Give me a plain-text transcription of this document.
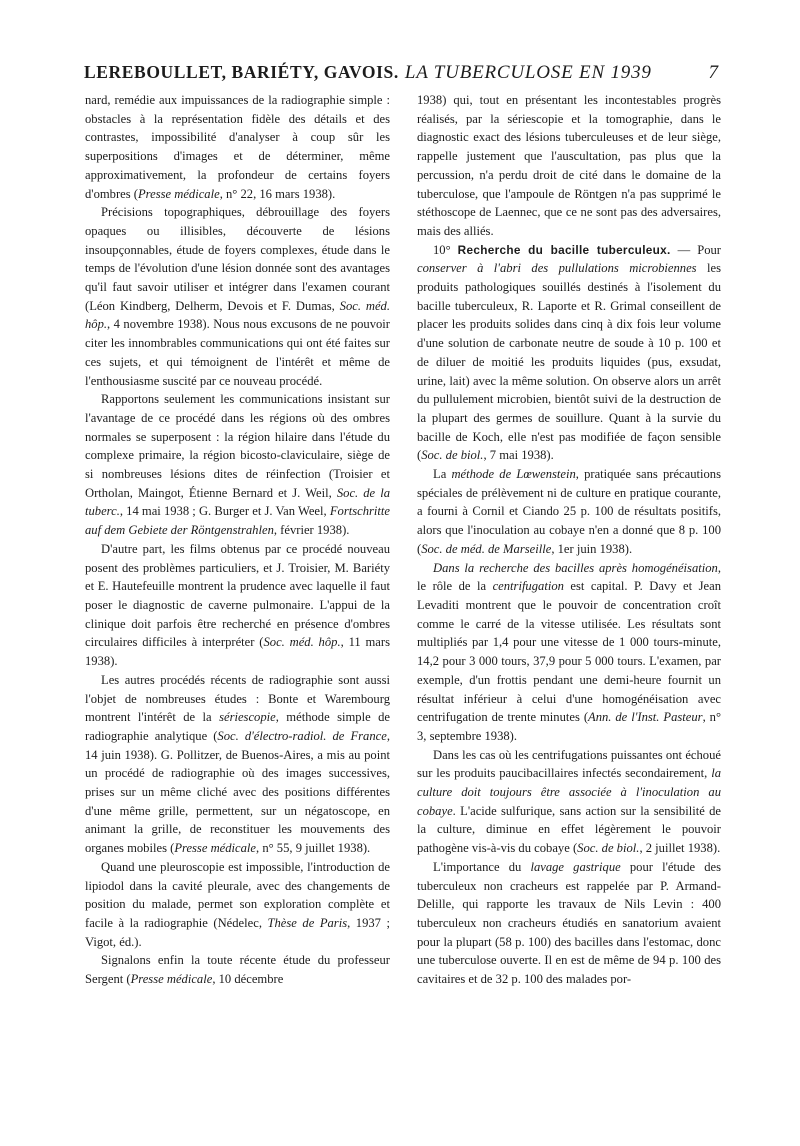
LEREBOULLET, BARIÉTY, GAVOIS. LA TUBERCULOSE EN 1939	7

nard, remédie aux impuissances de la radiographie simple : obstacles à la représentation fidèle des détails et des contrastes, impossibilité d'analyser à coup sûr les superpositions d'images et de déterminer, même approximativement, la profondeur de certains foyers d'ombres (Presse médicale, n° 22, 16 mars 1938).

Précisions topographiques, débrouillage des foyers opaques ou illisibles, découverte de lésions insoupçonnables, étude de foyers complexes, étude dans le temps de l'évolution d'une lésion donnée sont des avantages qu'il faut savoir utiliser et intégrer dans l'examen courant (Léon Kindberg, Delherm, Devois et F. Dumas, Soc. méd. hôp., 4 novembre 1938). Nous nous excusons de ne pouvoir citer les innombrables communications qui ont été faites sur ces sujets, et qui témoignent de l'intérêt et même de l'enthousiasme suscité par ce nouveau procédé.

Rapportons seulement les communications insistant sur l'avantage de ce procédé dans les régions où des ombres normales se superposent : la région hilaire dans l'étude du complexe primaire, la région bicosto-claviculaire, siège de si nombreuses lésions dites de réinfection (Troisier et Ortholan, Maingot, Étienne Bernard et J. Weil, Soc. de la tuberc., 14 mai 1938 ; G. Burger et J. Van Weel, Fortschritte auf dem Gebiete der Röntgenstrahlen, février 1938).

D'autre part, les films obtenus par ce procédé nouveau posent des problèmes particuliers, et J. Troisier, M. Bariéty et E. Hautefeuille montrent la prudence avec laquelle il faut poser le diagnostic de caverne pulmonaire. L'appui de la clinique doit parfois être recherché en présence d'ombres circulaires difficiles à interpréter (Soc. méd. hôp., 11 mars 1938).

Les autres procédés récents de radiographie sont aussi l'objet de nombreuses études : Bonte et Warembourg montrent l'intérêt de la sériescopie, méthode simple de radiographie analytique (Soc. d'électro-radiol. de France, 14 juin 1938). G. Pollitzer, de Buenos-Aires, a mis au point un procédé de radiographie où des images successives, prises sur un même cliché avec des positions différentes d'une même grille, permettent, sur un négatoscope, en animant la grille, de reconstituer les mouvements des organes mobiles (Presse médicale, n° 55, 9 juillet 1938).

Quand une pleuroscopie est impossible, l'introduction de lipiodol dans la cavité pleurale, avec des changements de position du malade, permet son exploration complète et facile à la radiographie (Nédelec, Thèse de Paris, 1937 ; Vigot, éd.).

Signalons enfin la toute récente étude du professeur Sergent (Presse médicale, 10 décembre

1938) qui, tout en présentant les incontestables progrès réalisés, par la sériescopie et la tomographie, dans le diagnostic exact des lésions tuberculeuses et de leur siège, rappelle justement que l'auscultation, pas plus que la percussion, n'a perdu droit de cité dans le domaine de la tuberculose, que l'ampoule de Röntgen n'a pas supprimé le stéthoscope de Laennec, que ce ne sont pas des adversaires, mais des alliés.

10° Recherche du bacille tuberculeux. — Pour conserver à l'abri des pullulations microbiennes les produits pathologiques souillés destinés à l'isolement du bacille tuberculeux, R. Laporte et R. Grimal conseillent de placer les produits solides dans cinq à dix fois leur volume d'une solution de carbonate neutre de soude à 10 p. 100 et de diluer de moitié les produits liquides (pus, exsudat, urine, lait) avec la même solution. On observe alors un arrêt du pullulement microbien, bientôt suivi de la destruction de la plupart des germes de souillure. Quant à la survie du bacille de Koch, elle n'est pas modifiée de façon sensible (Soc. de biol., 7 mai 1938).

La méthode de Lœwenstein, pratiquée sans précautions spéciales de prélèvement ni de culture en pratique courante, a fourni à Cornil et Ciando 25 p. 100 de résultats positifs, alors que l'inoculation au cobaye n'en a donné que 8 p. 100 (Soc. de méd. de Marseille, 1er juin 1938).

Dans la recherche des bacilles après homogénéisation, le rôle de la centrifugation est capital. P. Davy et Jean Levaditi montrent que le pouvoir de concentration croît comme le carré de la vitesse utilisée. Les résultats sont multipliés par 1,4 pour une vitesse de 1 000 tours-minute, 14,2 pour 3 000 tours, 37,9 pour 5 000 tours. L'examen, par exemple, d'un frottis pendant une demi-heure fournit un résultat inférieur à celui d'une homogénéisation avec centrifugation de trente minutes (Ann. de l'Inst. Pasteur, n° 3, septembre 1938).

Dans les cas où les centrifugations puissantes ont échoué sur les produits paucibacillaires infectés secondairement, la culture doit toujours être associée à l'inoculation au cobaye. L'acide sulfurique, sans action sur la sensibilité de la culture, diminue en effet légèrement le pouvoir pathogène vis-à-vis du cobaye (Soc. de biol., 2 juillet 1938).

L'importance du lavage gastrique pour l'étude des tuberculeux non cracheurs est rappelée par P. Armand-Delille, qui rapporte les travaux de Nils Levin : 400 tuberculeux non cracheurs étudiés en sanatorium avaient pour la plupart (58 p. 100) des bacilles dans l'estomac, donc une tuberculose ouverte. Il en est de même de 94 p. 100 des cavitaires et de 32 p. 100 des malades por-
